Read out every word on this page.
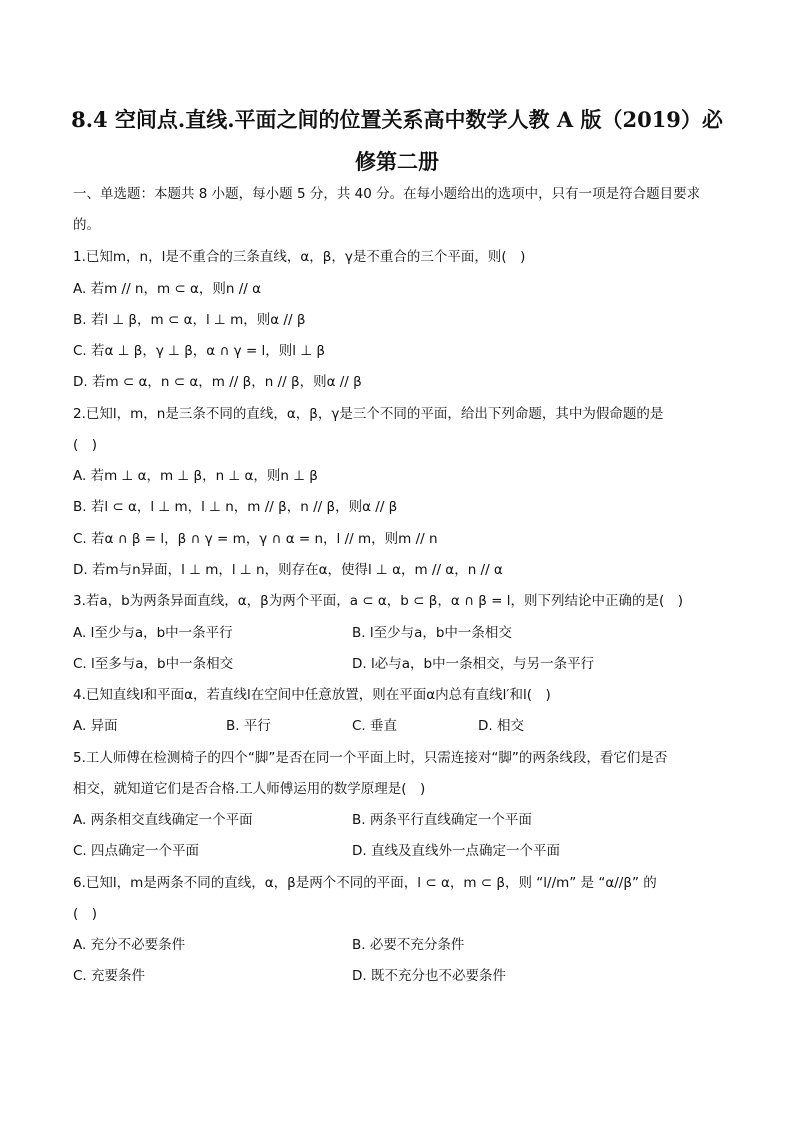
8.4 空间点.直线.平面之间的位置关系高中数学人教 A 版（2019）必
修第二册
一、单选题：本题共 8 小题，每小题 5 分，共 40 分。在每小题给出的选项中，只有一项是符合题目要求
的。
1.已知m，n，l是不重合的三条直线，α，β，γ是不重合的三个平面，则(　)
A. 若m // n，m ⊂ α，则n // α
B. 若l ⊥ β，m ⊂ α，l ⊥ m，则α // β
C. 若α ⊥ β，γ ⊥ β，α ∩ γ = l，则l ⊥ β
D. 若m ⊂ α，n ⊂ α，m // β，n // β，则α // β
2.已知l，m，n是三条不同的直线，α，β，γ是三个不同的平面，给出下列命题，其中为假命题的是
(　)
A. 若m ⊥ α，m ⊥ β，n ⊥ α，则n ⊥ β
B. 若l ⊂ α，l ⊥ m，l ⊥ n，m // β，n // β，则α // β
C. 若α ∩ β = l，β ∩ γ = m，γ ∩ α = n，l // m，则m // n
D. 若m与n异面，l ⊥ m，l ⊥ n，则存在α，使得l ⊥ α，m // α，n // α
3.若a，b为两条异面直线，α，β为两个平面，a ⊂ α，b ⊂ β，α ∩ β = l，则下列结论中正确的是(　)
A. l至少与a，b中一条平行	B. l至少与a，b中一条相交
C. l至多与a，b中一条相交	D. l必与a，b中一条相交，与另一条平行
4.已知直线l和平面α，若直线l在空间中任意放置，则在平面α内总有直线l′和l(　)
A. 异面	B. 平行	C. 垂直	D. 相交
5.工人师傅在检测椅子的四个“脚”是否在同一个平面上时，只需连接对“脚”的两条线段，看它们是否
相交，就知道它们是否合格.工人师傅运用的数学原理是(　)
A. 两条相交直线确定一个平面	B. 两条平行直线确定一个平面
C. 四点确定一个平面	D. 直线及直线外一点确定一个平面
6.已知l，m是两条不同的直线，α，β是两个不同的平面，l ⊂ α，m ⊂ β，则 “l//m” 是 “α//β” 的
(　)
A. 充分不必要条件	B. 必要不充分条件
C. 充要条件	D. 既不充分也不必要条件
